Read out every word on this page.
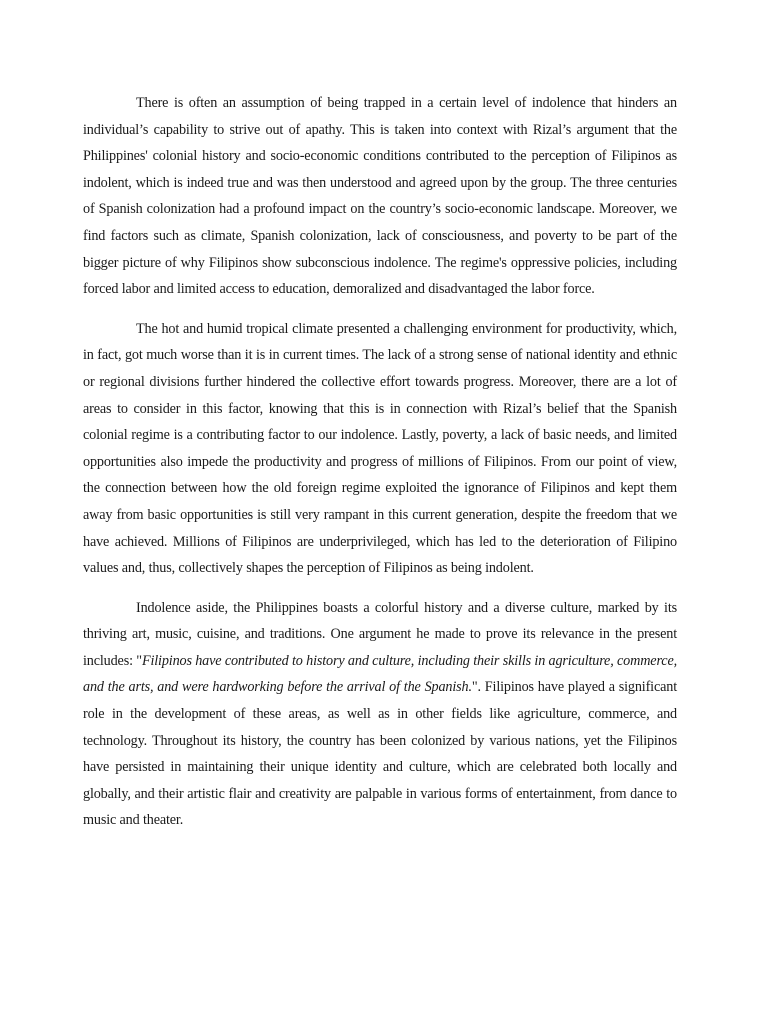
There is often an assumption of being trapped in a certain level of indolence that hinders an individual’s capability to strive out of apathy. This is taken into context with Rizal’s argument that the Philippines' colonial history and socio-economic conditions contributed to the perception of Filipinos as indolent, which is indeed true and was then understood and agreed upon by the group. The three centuries of Spanish colonization had a profound impact on the country’s socio-economic landscape. Moreover, we find factors such as climate, Spanish colonization, lack of consciousness, and poverty to be part of the bigger picture of why Filipinos show subconscious indolence. The regime's oppressive policies, including forced labor and limited access to education, demoralized and disadvantaged the labor force.

The hot and humid tropical climate presented a challenging environment for productivity, which, in fact, got much worse than it is in current times. The lack of a strong sense of national identity and ethnic or regional divisions further hindered the collective effort towards progress. Moreover, there are a lot of areas to consider in this factor, knowing that this is in connection with Rizal’s belief that the Spanish colonial regime is a contributing factor to our indolence. Lastly, poverty, a lack of basic needs, and limited opportunities also impede the productivity and progress of millions of Filipinos. From our point of view, the connection between how the old foreign regime exploited the ignorance of Filipinos and kept them away from basic opportunities is still very rampant in this current generation, despite the freedom that we have achieved. Millions of Filipinos are underprivileged, which has led to the deterioration of Filipino values and, thus, collectively shapes the perception of Filipinos as being indolent.

Indolence aside, the Philippines boasts a colorful history and a diverse culture, marked by its thriving art, music, cuisine, and traditions. One argument he made to prove its relevance in the present includes: "Filipinos have contributed to history and culture, including their skills in agriculture, commerce, and the arts, and were hardworking before the arrival of the Spanish.". Filipinos have played a significant role in the development of these areas, as well as in other fields like agriculture, commerce, and technology. Throughout its history, the country has been colonized by various nations, yet the Filipinos have persisted in maintaining their unique identity and culture, which are celebrated both locally and globally, and their artistic flair and creativity are palpable in various forms of entertainment, from dance to music and theater.
